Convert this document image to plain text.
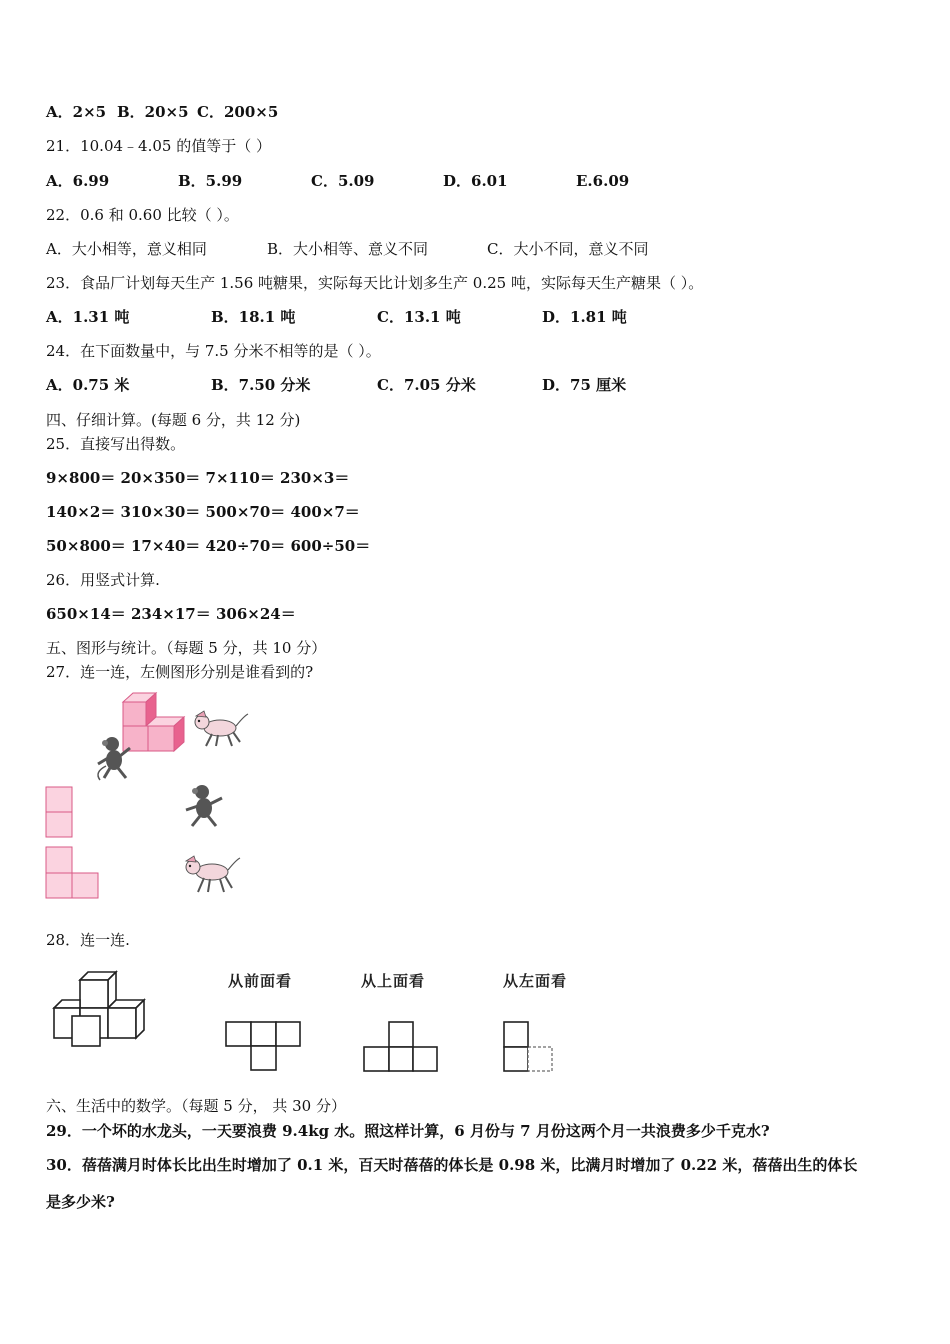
A．2×5 B．20×5 C．200×5
21．10.04﹣4.05 的值等于（ ）
A．6.99	B．5.99	C．5.09	D．6.01	E.6.09
22．0.6 和 0.60 比较（ ）。
A．大小相等，意义相同	B．大小相等、意义不同	C．大小不同，意义不同
23．食品厂计划每天生产 1.56 吨糖果，实际每天比计划多生产 0.25 吨，实际每天生产糖果（ ）。
A．1.31 吨	B．18.1 吨	C．13.1 吨	D．1.81 吨
24．在下面数量中，与 7.5 分米不相等的是（ ）。
A．0.75 米	B．7.50 分米	C．7.05 分米	D．75 厘米
四、仔细计算。(每题 6 分，共 12 分)
25．直接写出得数。
9×800＝ 20×350＝ 7×110＝ 230×3＝
140×2＝ 310×30＝ 500×70＝ 400×7＝
50×800＝ 17×40＝ 420÷70＝ 600÷50＝
26．用竖式计算.
650×14＝ 234×17＝ 306×24＝
五、图形与统计。（每题 5 分，共 10 分）
27．连一连，左侧图形分别是谁看到的?
28．连一连.
从前面看	从上面看	从左面看
六、生活中的数学。（每题 5 分， 共 30 分）
29．一个坏的水龙头，一天要浪费 9.4kg 水。照这样计算，6 月份与 7 月份这两个月一共浪费多少千克水?
30．蓓蓓满月时体长比出生时增加了 0.1 米，百天时蓓蓓的体长是 0.98 米，比满月时增加了 0.22 米，蓓蓓出生的体长
是多少米?
